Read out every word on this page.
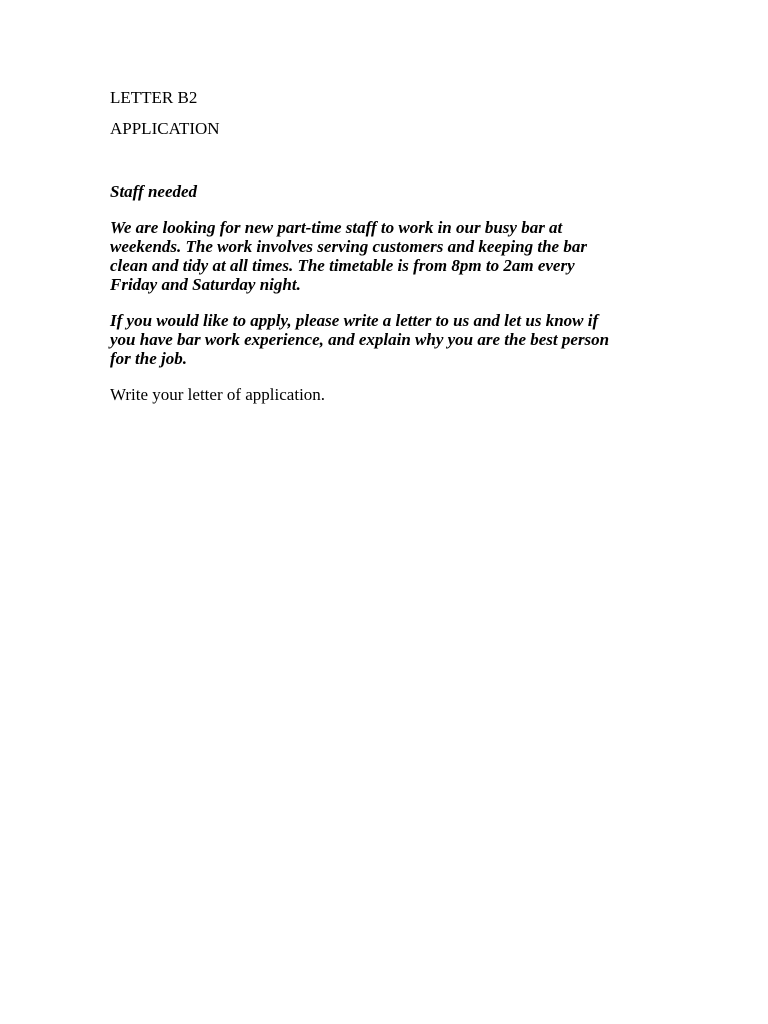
LETTER B2

APPLICATION

Staff needed

We are looking for new part-time staff to work in our busy bar at
weekends. The work involves serving customers and keeping the bar
clean and tidy at all times. The timetable is from 8pm to 2am every
Friday and Saturday night.

If you would like to apply, please write a letter to us and let us know if
you have bar work experience, and explain why you are the best person
for the job.

Write your letter of application.
